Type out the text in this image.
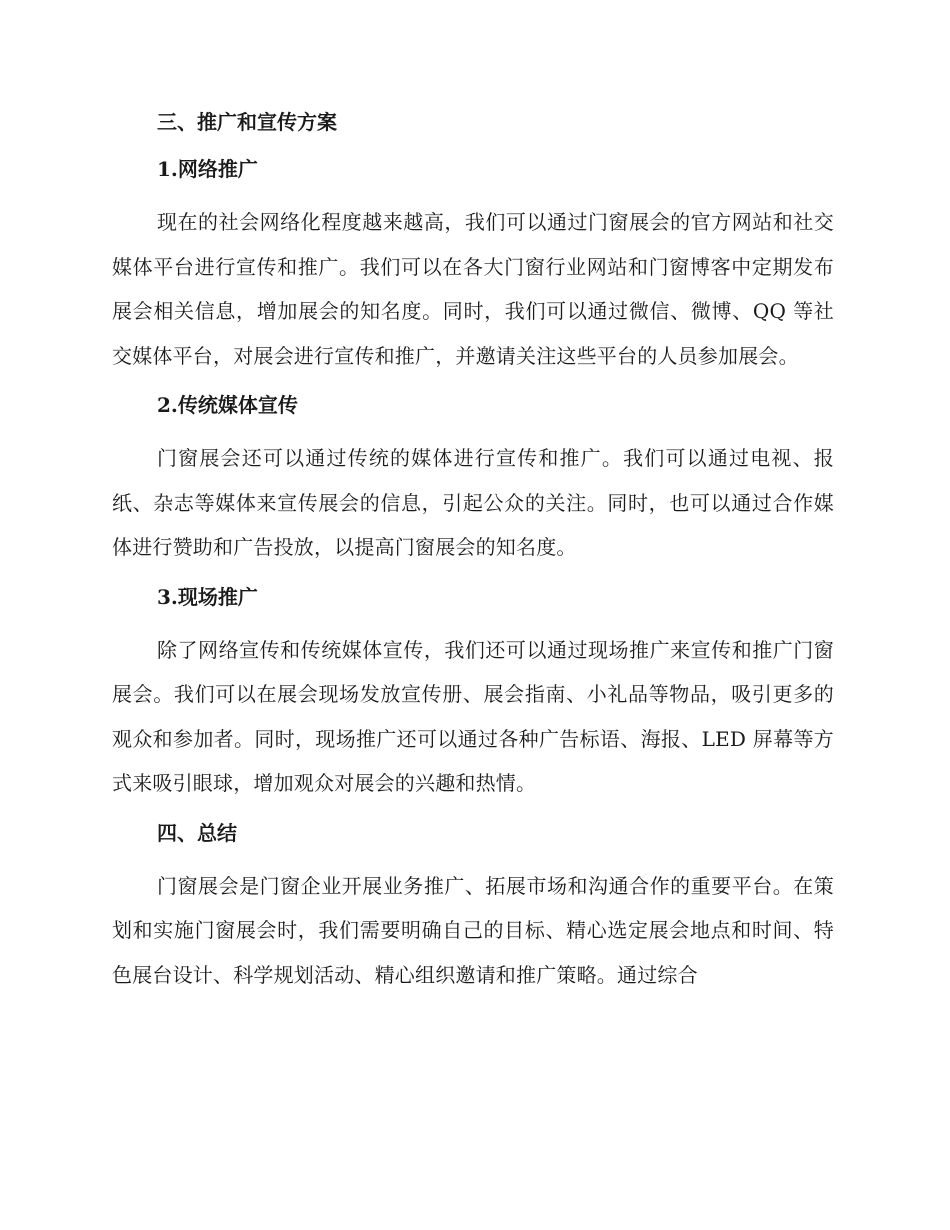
三、推广和宣传方案
1.网络推广

现在的社会网络化程度越来越高，我们可以通过门窗展会的官方网站和社交媒体平台进行宣传和推广。我们可以在各大门窗行业网站和门窗博客中定期发布展会相关信息，增加展会的知名度。同时，我们可以通过微信、微博、QQ 等社交媒体平台，对展会进行宣传和推广，并邀请关注这些平台的人员参加展会。

2.传统媒体宣传

门窗展会还可以通过传统的媒体进行宣传和推广。我们可以通过电视、报纸、杂志等媒体来宣传展会的信息，引起公众的关注。同时，也可以通过合作媒体进行赞助和广告投放，以提高门窗展会的知名度。

3.现场推广

除了网络宣传和传统媒体宣传，我们还可以通过现场推广来宣传和推广门窗展会。我们可以在展会现场发放宣传册、展会指南、小礼品等物品，吸引更多的观众和参加者。同时，现场推广还可以通过各种广告标语、海报、LED 屏幕等方式来吸引眼球，增加观众对展会的兴趣和热情。

四、总结

门窗展会是门窗企业开展业务推广、拓展市场和沟通合作的重要平台。在策划和实施门窗展会时，我们需要明确自己的目标、精心选定展会地点和时间、特色展台设计、科学规划活动、精心组织邀请和推广策略。通过综合
